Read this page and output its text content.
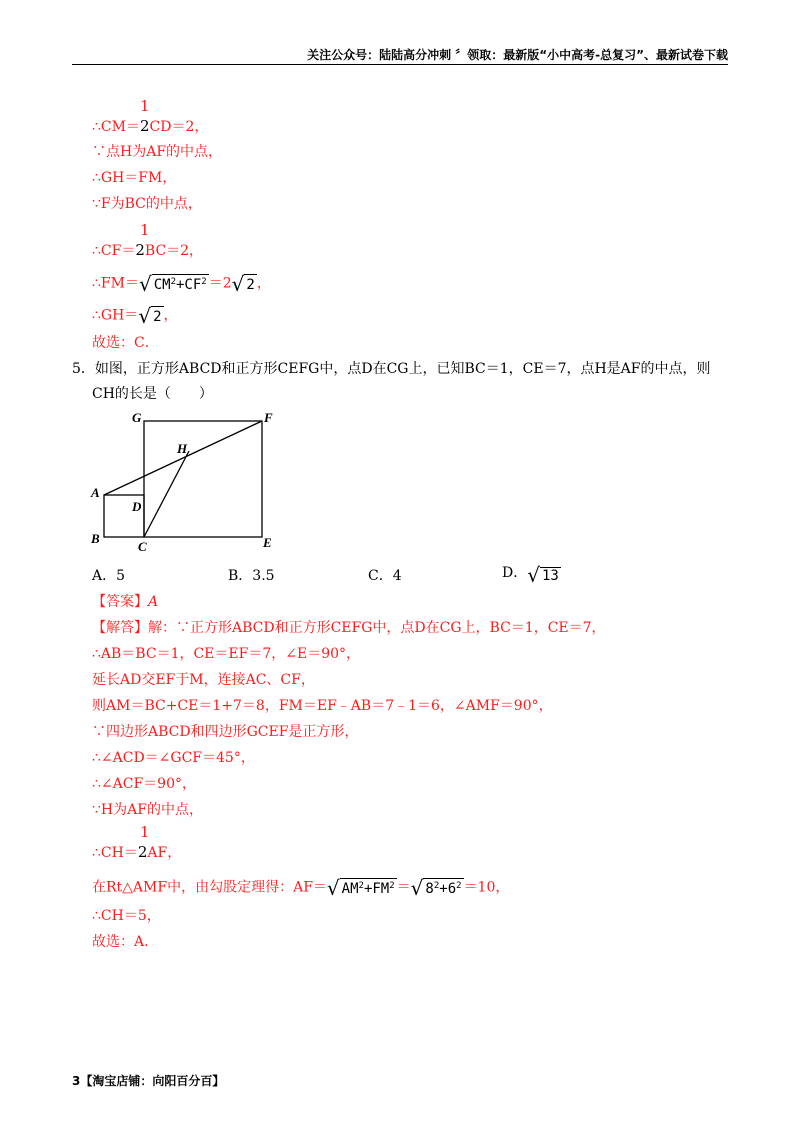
关注公众号：陆陆高分冲刺 〞领取：最新版“小中高考-总复习”、最新试卷下载
1
∴CM＝2CD＝2，
∵点H为AF的中点，
∴GH＝FM，
∵F为BC的中点，
1
∴CF＝2BC＝2，
∴FM＝√ $CM^2+CF^2 =2√$ 2 ，
∴GH＝√ 2 ，
故选：C．
5．如图，正方形ABCD和正方形CEFG中，点D在CG上，已知BC＝1，CE＝7，点H是AF的中点，则
CH的长是（　　）
G	F
H
A
D
B
C	E
A．5	B．3.5	C．4	D．√ 13
【答案】A
【解答】解：∵正方形ABCD和正方形CEFG中，点D在CG上，BC＝1，CE＝7，
∴AB＝BC＝1，CE＝EF＝7，∠E＝90°，
延长AD交EF于M，连接AC、CF，
则AM＝BC+CE＝1+7＝8，FM＝EF﹣AB＝7﹣1＝6，∠AMF＝90°，
∵四边形ABCD和四边形GCEF是正方形，
∴∠ACD＝∠GCF＝45°，
∴∠ACF＝90°，
∵H为AF的中点，
1
∴CH＝2AF，
在Rt△AMF中，由勾股定理得：AF＝√ $AM^2+FM^2$ ＝√ $8^2+6^2 =10$，
∴CH＝5，
故选：A．
3【淘宝店铺：向阳百分百】
